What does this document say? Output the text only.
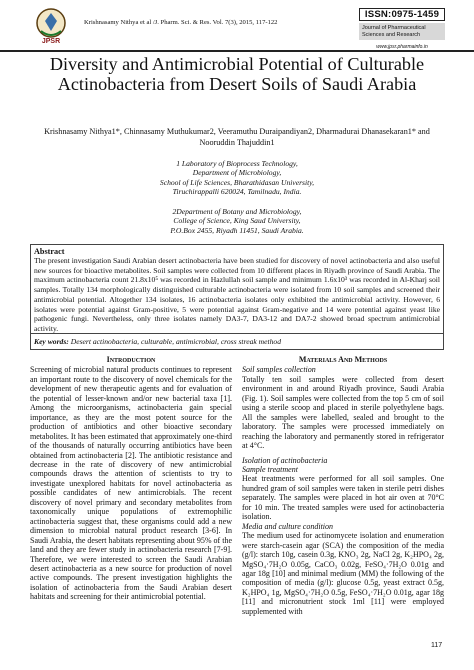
JPSR
Krishnasamy Nithya et al /J. Pharm. Sci. & Res. Vol. 7(3), 2015, 117-122
ISSN:0975-1459
Journal of Pharmaceutical
Sciences and Research
www.jpsr.pharmainfo.in
Diversity and Antimicrobial Potential of Culturable Actinobacteria from Desert Soils of Saudi Arabia
Krishnasamy Nithya1*, Chinnasamy Muthukumar2, Veeramuthu Duraipandiyan2, Dharmadurai Dhanasekaran1* and Nooruddin Thajuddin1
1 Laboratory of Bioprocess Technology,
Department of Microbiology,
School of Life Sciences, Bharathidasan University,
Tiruchirappalli 620024, Tamilnadu, India.
2Department of Botany and Microbiology,
College of Science, King Saud University,
P.O.Box 2455, Riyadh 11451, Saudi Arabia.
Abstract
The present investigation Saudi Arabian desert actinobacteria have been studied for discovery of novel actinobacteria and also useful new sources for bioactive metabolites. Soil samples were collected from 10 different places in Riyadh province of Saudi Arabia. The maximum actinobacteria count 21.8x10⁵ was recorded in Hazlullah soil sample and minimum 1.6x10³ was recorded in Al-Kharj soil samples. Totally 134 morphologically distinguished culturable actinobacteria were isolated from 10 soil samples and screened their antimicrobial potential. Altogether 134 isolates, 16 actinobacteria isolates only exhibited the antimicrobial activity. However, 6 isolates were potential against Gram-positive, 5 were potential against Gram-negative and 14 were potential against yeast like pathogenic fungi. Nevertheless, only three isolates namely DA3-7, DA3-12 and DA7-2 showed broad spectrum antimicrobial activity.
Key words: Desert actinobacteria, culturable, antimicrobial, cross streak method
Introduction
Screening of microbial natural products continues to represent an important route to the discovery of novel chemicals for the development of new therapeutic agents and for evaluation of the potential of lesser-known and/or new bacterial taxa [1]. Among the microorganisms, actinobacteria gain special importance, as they are the most potent source for the production of antibiotics and other bioactive secondary metabolites. It has been estimated that approximately one-third of the thousands of naturally occurring antibiotics have been obtained from actinobacteria [2]. The antibiotic resistance and decrease in the rate of discovery of new antimicrobial compounds draws the attention of scientists to try to investigate unexplored habitats for novel actinobacteria as possible candidates of new antimicrobials. The recent discovery of novel primary and secondary metabolites from taxonomically unique populations of extremophilic actinobacteria suggest that, these organisms could add a new dimension to microbial natural product research [3-6]. In Saudi Arabia, the desert habitats representing about 95% of the land and they are fewer study in actinobacteria research [7-9]. Therefore, we were interested to screen the Saudi Arabian desert actinobacteria as a new source for production of novel active compounds. The present investigation highlights the isolation of actinobacteria from the Saudi Arabian desert habitats and screening for their antimicrobial potential.
Materials And Methods
Soil samples collection
Totally ten soil samples were collected from desert environment in and around Riyadh province, Saudi Arabia (Fig. 1). Soil samples were collected from the top 5 cm of soil using a sterile scoop and placed in sterile polyethylene bags. All the samples were labelled, sealed and brought to the laboratory. The samples were processed immediately on reaching the laboratory and permanently stored in refrigerator at 4°C.
Isolation of actinobacteria
Sample treatment
Heat treatments were performed for all soil samples. One hundred gram of soil samples were taken in sterile petri dishes separately. The samples were placed in hot air oven at 70°C for 10 min. The treated samples were used for actinobacteria isolation.
Media and culture condition
The medium used for actinomycete isolation and enumeration were starch-casein agar (SCA) the composition of the media (g/l): starch 10g, casein 0.3g, KNO₃ 2g, NaCl 2g, K₂HPO₄ 2g, MgSO₄·7H₂O 0.05g, CaCO₃ 0.02g, FeSO₄·7H₂O 0.01g and agar 18g [10] and minimal medium (MM) the following of the composition of media (g/l): glucose 0.5g, yeast extract 0.5g, K₂HPO₄ 1g, MgSO₄·7H₂O 0.5g, FeSO₄·7H₂O 0.01g, agar 18g [11] and micronutrient stock 1ml [11] were employed supplemented with
117
